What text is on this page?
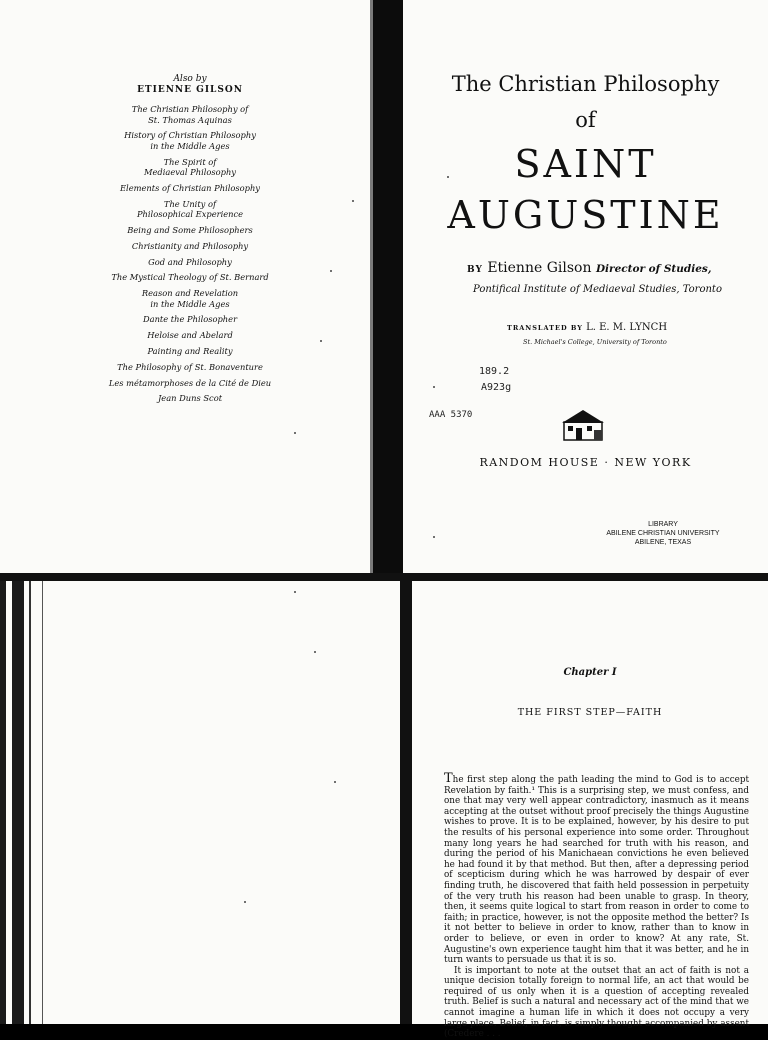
Also by
ETIENNE GILSON
The Christian Philosophy of
St. Thomas Aquinas
History of Christian Philosophy
in the Middle Ages
The Spirit of
Mediaeval Philosophy
Elements of Christian Philosophy
The Unity of
Philosophical Experience
Being and Some Philosophers
Christianity and Philosophy
God and Philosophy
The Mystical Theology of St. Bernard
Reason and Revelation
in the Middle Ages
Dante the Philosopher
Heloise and Abelard
Painting and Reality
The Philosophy of St. Bonaventure
Les métamorphoses de la Cité de Dieu
Jean Duns Scot
The Christian Philosophy
of
SAINT
AUGUSTINE
BY Etienne Gilson Director of Studies,
Pontifical Institute of Mediaeval Studies, Toronto
TRANSLATED BY L. E. M. LYNCH
St. Michael's College, University of Toronto
189.2
A923g
AAA 5370
RANDOM HOUSE · NEW YORK
LIBRARY
ABILENE CHRISTIAN UNIVERSITY
ABILENE, TEXAS
Chapter I
THE FIRST STEP—FAITH

The first step along the path leading the mind to God is to accept Revelation by faith.¹ This is a surprising step, we must confess, and one that may very well appear contradictory, inasmuch as it means accepting at the outset without proof precisely the things Augustine wishes to prove. It is to be explained, however, by his desire to put the results of his personal experience into some order. Throughout many long years he had searched for truth with his reason, and during the period of his Manichaean convictions he even believed he had found it by that method. But then, after a depressing period of scepticism during which he was harrowed by despair of ever finding truth, he discovered that faith held possession in perpetuity of the very truth his reason had been unable to grasp. In theory, then, it seems quite logical to start from reason in order to come to faith; in practice, however, is not the opposite method the better? Is it not better to believe in order to know, rather than to know in order to believe, or even in order to know? At any rate, St. Augustine's own experience taught him that it was better, and he in turn wants to persuade us that it is so.

It is important to note at the outset that an act of faith is not a unique decision totally foreign to normal life, an act that would be required of us only when it is a question of accepting revealed truth. Belief is such a natural and necessary act of the mind that we cannot imagine a human life in which it does not occupy a very large place. Belief, in fact, is simply thought accompanied by assent (Credere . . .
